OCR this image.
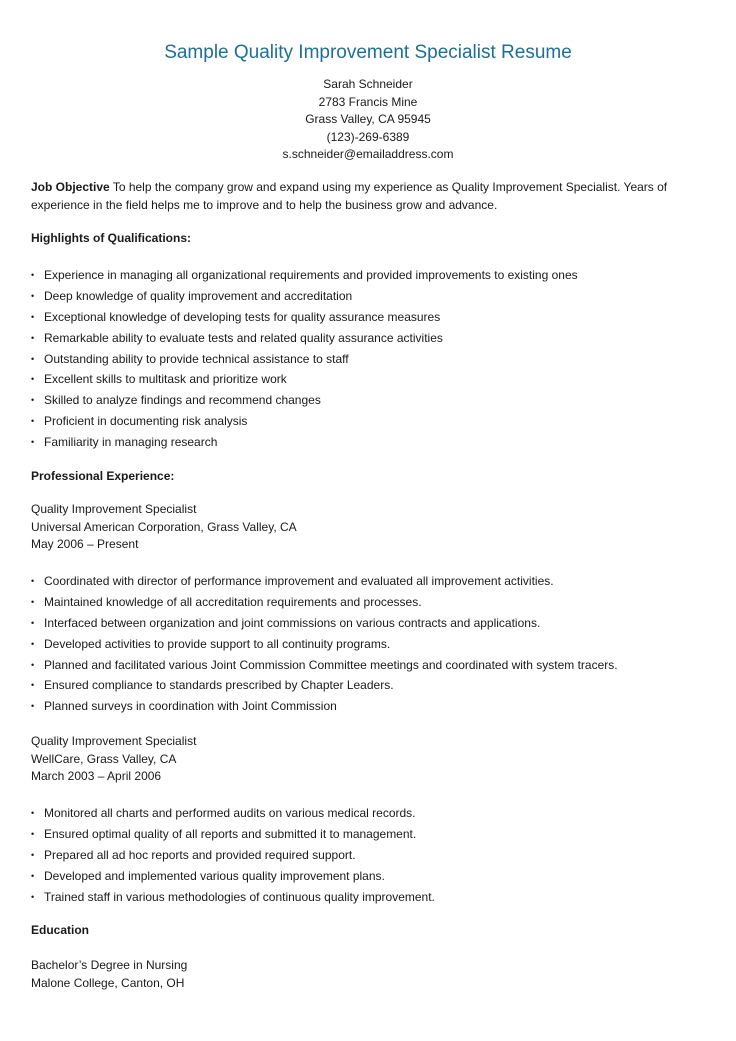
Sample Quality Improvement Specialist Resume
Sarah Schneider
2783 Francis Mine
Grass Valley, CA 95945
(123)-269-6389
s.schneider@emailaddress.com
Job Objective To help the company grow and expand using my experience as Quality Improvement Specialist. Years of experience in the field helps me to improve and to help the business grow and advance.
Highlights of Qualifications:
• Experience in managing all organizational requirements and provided improvements to existing ones
• Deep knowledge of quality improvement and accreditation
• Exceptional knowledge of developing tests for quality assurance measures
• Remarkable ability to evaluate tests and related quality assurance activities
• Outstanding ability to provide technical assistance to staff
• Excellent skills to multitask and prioritize work
• Skilled to analyze findings and recommend changes
• Proficient in documenting risk analysis
• Familiarity in managing research
Professional Experience:
Quality Improvement Specialist
Universal American Corporation, Grass Valley, CA
May 2006 – Present
• Coordinated with director of performance improvement and evaluated all improvement activities.
• Maintained knowledge of all accreditation requirements and processes.
• Interfaced between organization and joint commissions on various contracts and applications.
• Developed activities to provide support to all continuity programs.
• Planned and facilitated various Joint Commission Committee meetings and coordinated with system tracers.
• Ensured compliance to standards prescribed by Chapter Leaders.
• Planned surveys in coordination with Joint Commission
Quality Improvement Specialist
WellCare, Grass Valley, CA
March 2003 – April 2006
• Monitored all charts and performed audits on various medical records.
• Ensured optimal quality of all reports and submitted it to management.
• Prepared all ad hoc reports and provided required support.
• Developed and implemented various quality improvement plans.
• Trained staff in various methodologies of continuous quality improvement.
Education
Bachelor’s Degree in Nursing
Malone College, Canton, OH
